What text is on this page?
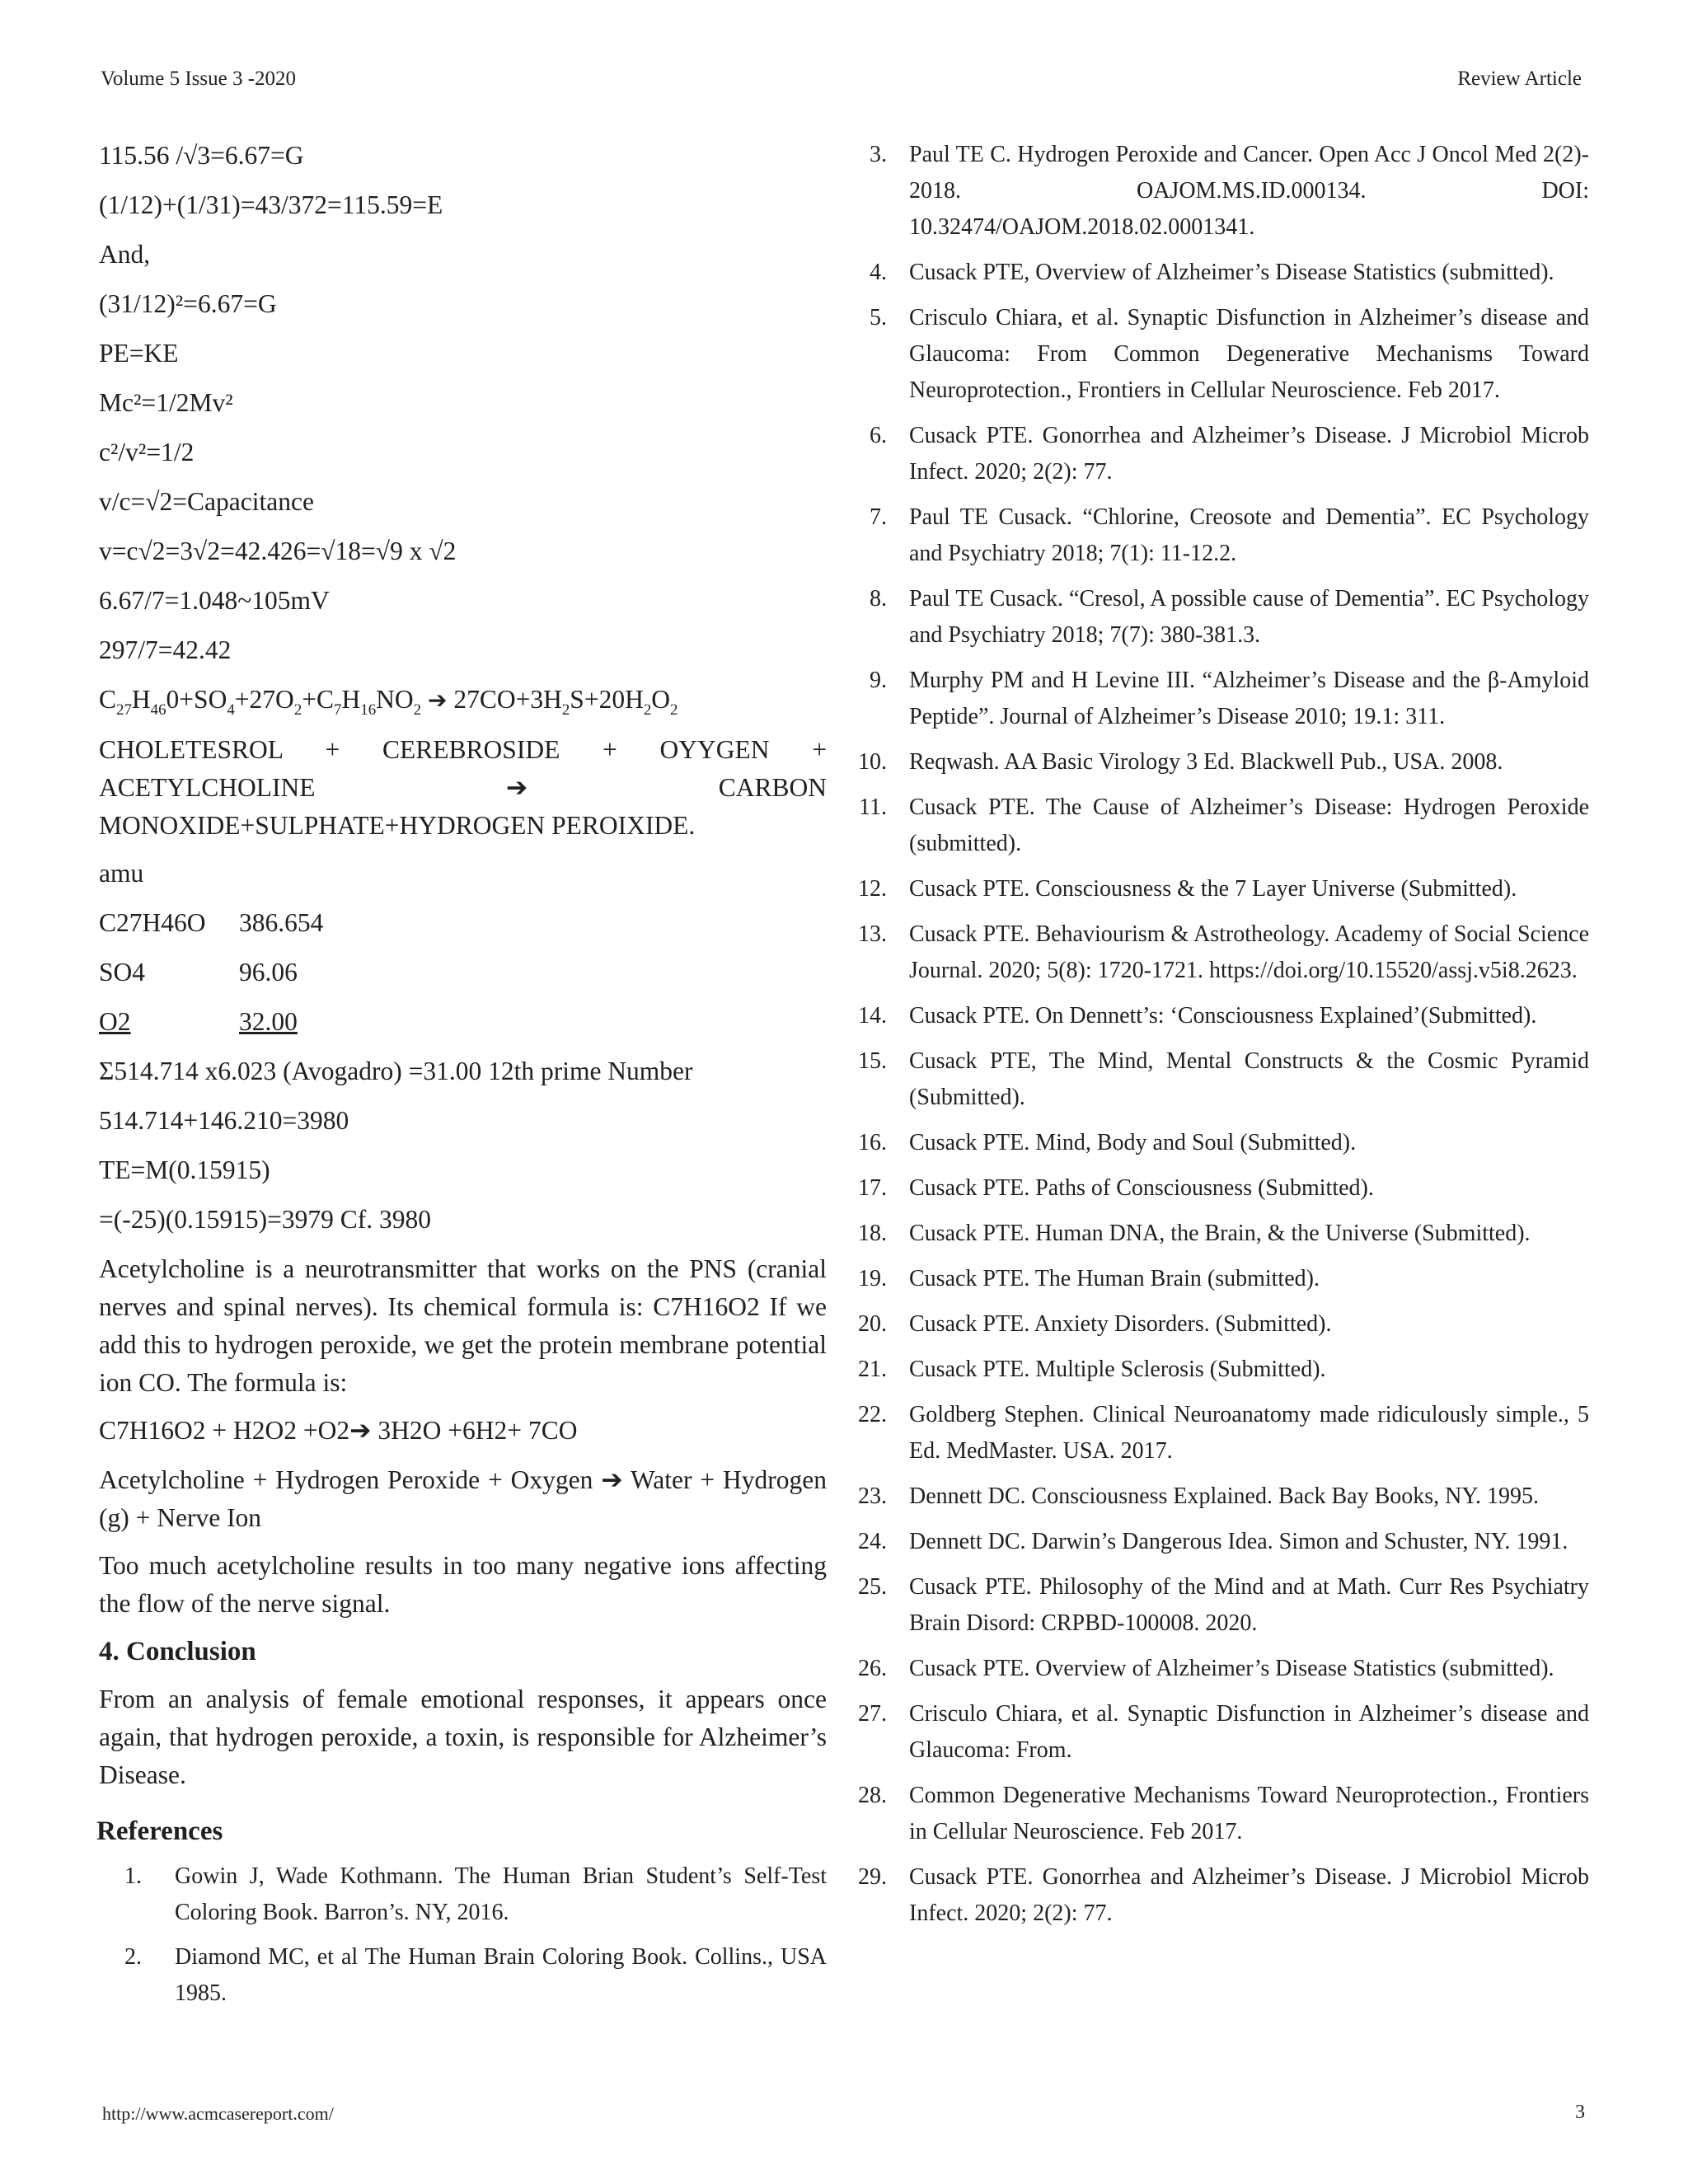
Volume 5 Issue 3 -2020	Review Article
115.56 /√3=6.67=G
(1/12)+(1/31)=43/372=115.59=E
And,
(31/12)²=6.67=G
PE=KE
Mc²=1/2Mv²
c²/v²=1/2
v/c=√2=Capacitance
v=c√2=3√2=42.426=√18=√9 x √2
6.67/7=1.048~105mV
297/7=42.42
$C_{27}H_{46}0+SO_4+27O_2+C_7H_{16}NO_2$ ➔ $27CO+3H_2S+20H_2O_2$
CHOLETESROL + CEREBROSIDE + OYYGEN + ACETYLCHOLINE ➔ CARBON MONOXIDE+SULPHATE+HYDROGEN PEROIXIDE.
amu
C27H46O	386.654
SO4	96.06
O2	32.00
Σ514.714 x6.023 (Avogadro) =31.00 12th prime Number
514.714+146.210=3980
TE=M(0.15915)
=(-25)(0.15915)=3979 Cf. 3980
Acetylcholine is a neurotransmitter that works on the PNS (cranial nerves and spinal nerves). Its chemical formula is: C7H16O2 If we add this to hydrogen peroxide, we get the protein membrane potential ion CO. The formula is:
C7H16O2 + H2O2 +O2➔ 3H2O +6H2+ 7CO
Acetylcholine + Hydrogen Peroxide + Oxygen ➔ Water + Hydrogen (g) + Nerve Ion
Too much acetylcholine results in too many negative ions affecting the flow of the nerve signal.
4. Conclusion
From an analysis of female emotional responses, it appears once again, that hydrogen peroxide, a toxin, is responsible for Alzheimer’s Disease.
References
1. Gowin J, Wade Kothmann. The Human Brian Student’s Self-Test Coloring Book. Barron’s. NY, 2016.
2. Diamond MC, et al The Human Brain Coloring Book. Collins., USA 1985.
3. Paul TE C. Hydrogen Peroxide and Cancer. Open Acc J Oncol Med 2(2)- 2018. OAJOM.MS.ID.000134. DOI: 10.32474/OAJOM.2018.02.0001341.
4. Cusack PTE, Overview of Alzheimer’s Disease Statistics (submitted).
5. Crisculo Chiara, et al. Synaptic Disfunction in Alzheimer’s disease and Glaucoma: From Common Degenerative Mechanisms Toward Neuroprotection., Frontiers in Cellular Neuroscience. Feb 2017.
6. Cusack PTE. Gonorrhea and Alzheimer’s Disease. J Microbiol Microb Infect. 2020; 2(2): 77.
7. Paul TE Cusack. “Chlorine, Creosote and Dementia”. EC Psychology and Psychiatry 2018; 7(1): 11-12.2.
8. Paul TE Cusack. “Cresol, A possible cause of Dementia”. EC Psychology and Psychiatry 2018; 7(7): 380-381.3.
9. Murphy PM and H Levine III. “Alzheimer’s Disease and the β-Amyloid Peptide”. Journal of Alzheimer’s Disease 2010; 19.1: 311.
10. Reqwash. AA Basic Virology 3 Ed. Blackwell Pub., USA. 2008.
11. Cusack PTE. The Cause of Alzheimer’s Disease: Hydrogen Peroxide (submitted).
12. Cusack PTE. Consciousness & the 7 Layer Universe (Submitted).
13. Cusack PTE. Behaviourism & Astrotheology. Academy of Social Science Journal. 2020; 5(8): 1720-1721. https://doi.org/10.15520/assj.v5i8.2623.
14. Cusack PTE. On Dennett’s: ‘Consciousness Explained’(Submitted).
15. Cusack PTE, The Mind, Mental Constructs & the Cosmic Pyramid (Submitted).
16. Cusack PTE. Mind, Body and Soul (Submitted).
17. Cusack PTE. Paths of Consciousness (Submitted).
18. Cusack PTE. Human DNA, the Brain, & the Universe (Submitted).
19. Cusack PTE. The Human Brain (submitted).
20. Cusack PTE. Anxiety Disorders. (Submitted).
21. Cusack PTE. Multiple Sclerosis (Submitted).
22. Goldberg Stephen. Clinical Neuroanatomy made ridiculously simple., 5 Ed. MedMaster. USA. 2017.
23. Dennett DC. Consciousness Explained. Back Bay Books, NY. 1995.
24. Dennett DC. Darwin’s Dangerous Idea. Simon and Schuster, NY. 1991.
25. Cusack PTE. Philosophy of the Mind and at Math. Curr Res Psychiatry Brain Disord: CRPBD-100008. 2020.
26. Cusack PTE. Overview of Alzheimer’s Disease Statistics (submitted).
27. Crisculo Chiara, et al. Synaptic Disfunction in Alzheimer’s disease and Glaucoma: From.
28. Common Degenerative Mechanisms Toward Neuroprotection., Frontiers in Cellular Neuroscience. Feb 2017.
29. Cusack PTE. Gonorrhea and Alzheimer’s Disease. J Microbiol Microb Infect. 2020; 2(2): 77.
http://www.acmcasereport.com/	3
